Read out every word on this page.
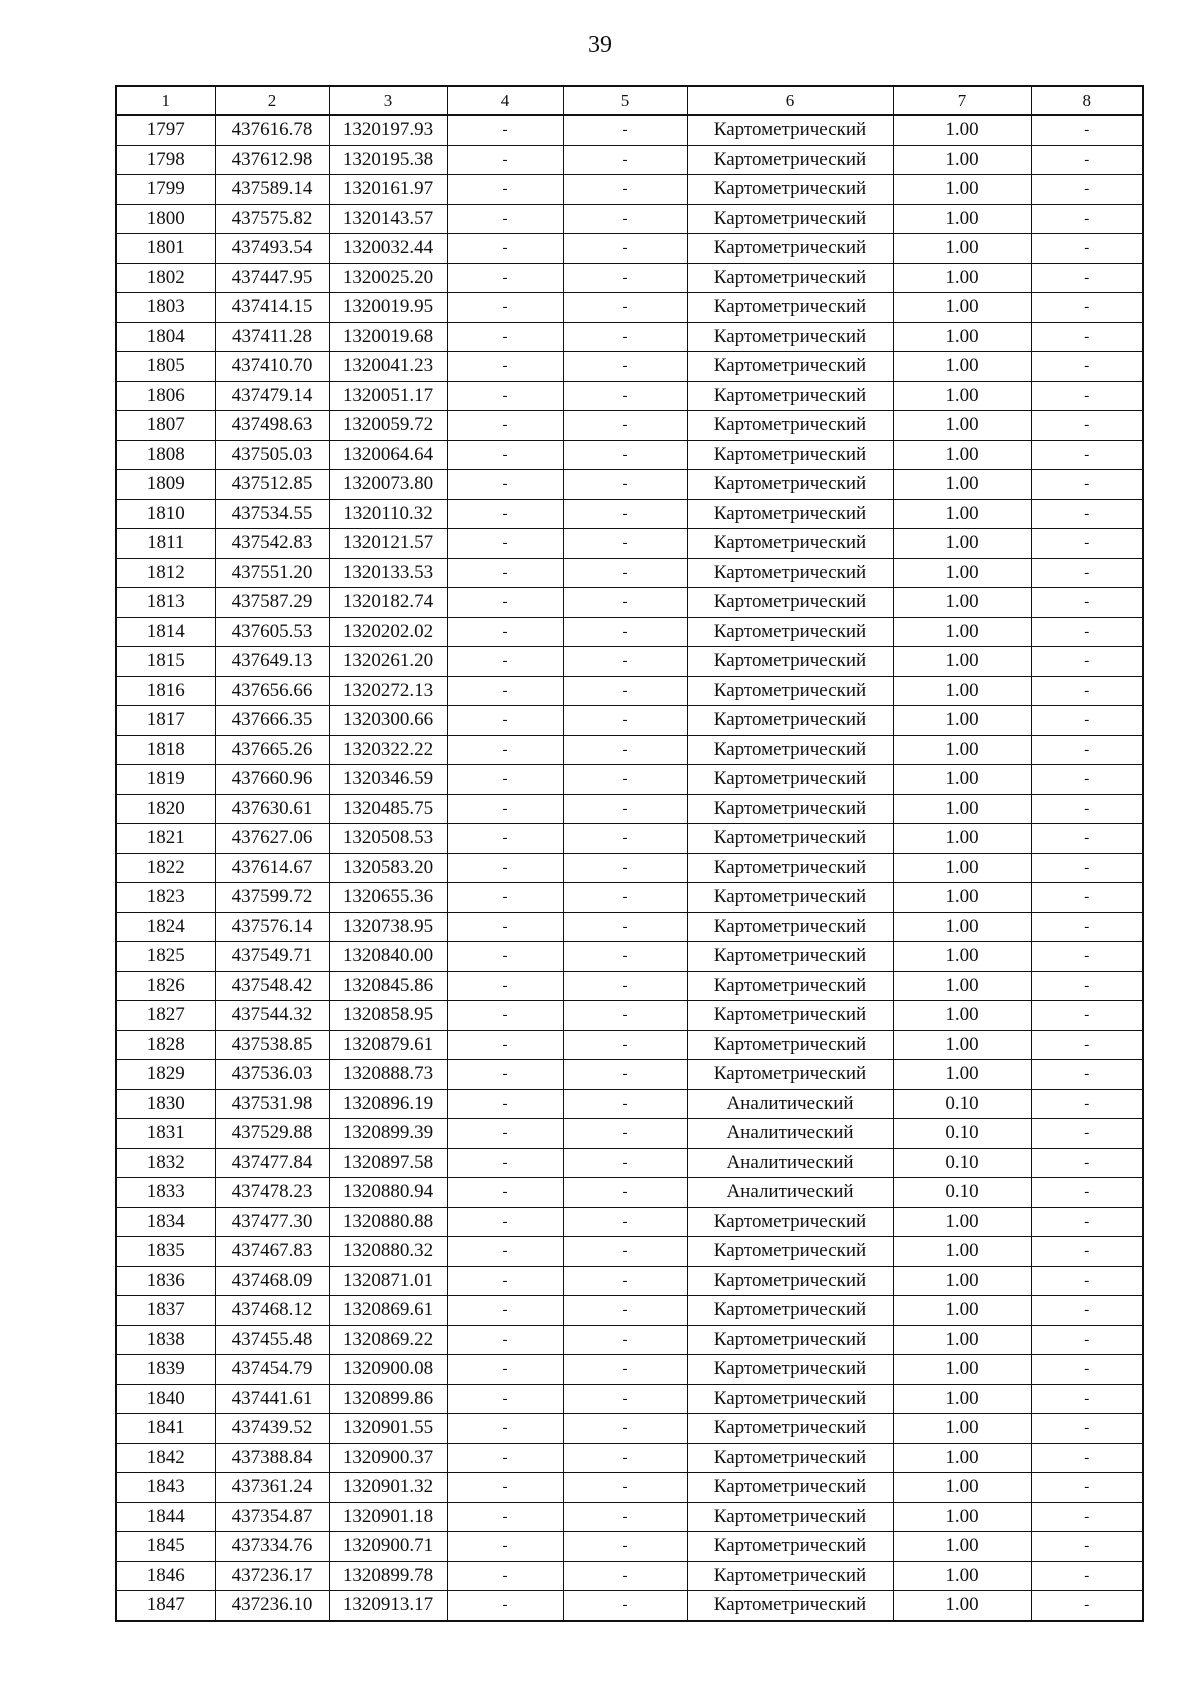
39
1	2	3	4	5	6	7	8
1797	437616.78	1320197.93	-	-	Картометрический	1.00	-
1798	437612.98	1320195.38	-	-	Картометрический	1.00	-
1799	437589.14	1320161.97	-	-	Картометрический	1.00	-
1800	437575.82	1320143.57	-	-	Картометрический	1.00	-
1801	437493.54	1320032.44	-	-	Картометрический	1.00	-
1802	437447.95	1320025.20	-	-	Картометрический	1.00	-
1803	437414.15	1320019.95	-	-	Картометрический	1.00	-
1804	437411.28	1320019.68	-	-	Картометрический	1.00	-
1805	437410.70	1320041.23	-	-	Картометрический	1.00	-
1806	437479.14	1320051.17	-	-	Картометрический	1.00	-
1807	437498.63	1320059.72	-	-	Картометрический	1.00	-
1808	437505.03	1320064.64	-	-	Картометрический	1.00	-
1809	437512.85	1320073.80	-	-	Картометрический	1.00	-
1810	437534.55	1320110.32	-	-	Картометрический	1.00	-
1811	437542.83	1320121.57	-	-	Картометрический	1.00	-
1812	437551.20	1320133.53	-	-	Картометрический	1.00	-
1813	437587.29	1320182.74	-	-	Картометрический	1.00	-
1814	437605.53	1320202.02	-	-	Картометрический	1.00	-
1815	437649.13	1320261.20	-	-	Картометрический	1.00	-
1816	437656.66	1320272.13	-	-	Картометрический	1.00	-
1817	437666.35	1320300.66	-	-	Картометрический	1.00	-
1818	437665.26	1320322.22	-	-	Картометрический	1.00	-
1819	437660.96	1320346.59	-	-	Картометрический	1.00	-
1820	437630.61	1320485.75	-	-	Картометрический	1.00	-
1821	437627.06	1320508.53	-	-	Картометрический	1.00	-
1822	437614.67	1320583.20	-	-	Картометрический	1.00	-
1823	437599.72	1320655.36	-	-	Картометрический	1.00	-
1824	437576.14	1320738.95	-	-	Картометрический	1.00	-
1825	437549.71	1320840.00	-	-	Картометрический	1.00	-
1826	437548.42	1320845.86	-	-	Картометрический	1.00	-
1827	437544.32	1320858.95	-	-	Картометрический	1.00	-
1828	437538.85	1320879.61	-	-	Картометрический	1.00	-
1829	437536.03	1320888.73	-	-	Картометрический	1.00	-
1830	437531.98	1320896.19	-	-	Аналитический	0.10	-
1831	437529.88	1320899.39	-	-	Аналитический	0.10	-
1832	437477.84	1320897.58	-	-	Аналитический	0.10	-
1833	437478.23	1320880.94	-	-	Аналитический	0.10	-
1834	437477.30	1320880.88	-	-	Картометрический	1.00	-
1835	437467.83	1320880.32	-	-	Картометрический	1.00	-
1836	437468.09	1320871.01	-	-	Картометрический	1.00	-
1837	437468.12	1320869.61	-	-	Картометрический	1.00	-
1838	437455.48	1320869.22	-	-	Картометрический	1.00	-
1839	437454.79	1320900.08	-	-	Картометрический	1.00	-
1840	437441.61	1320899.86	-	-	Картометрический	1.00	-
1841	437439.52	1320901.55	-	-	Картометрический	1.00	-
1842	437388.84	1320900.37	-	-	Картометрический	1.00	-
1843	437361.24	1320901.32	-	-	Картометрический	1.00	-
1844	437354.87	1320901.18	-	-	Картометрический	1.00	-
1845	437334.76	1320900.71	-	-	Картометрический	1.00	-
1846	437236.17	1320899.78	-	-	Картометрический	1.00	-
1847	437236.10	1320913.17	-	-	Картометрический	1.00	-
